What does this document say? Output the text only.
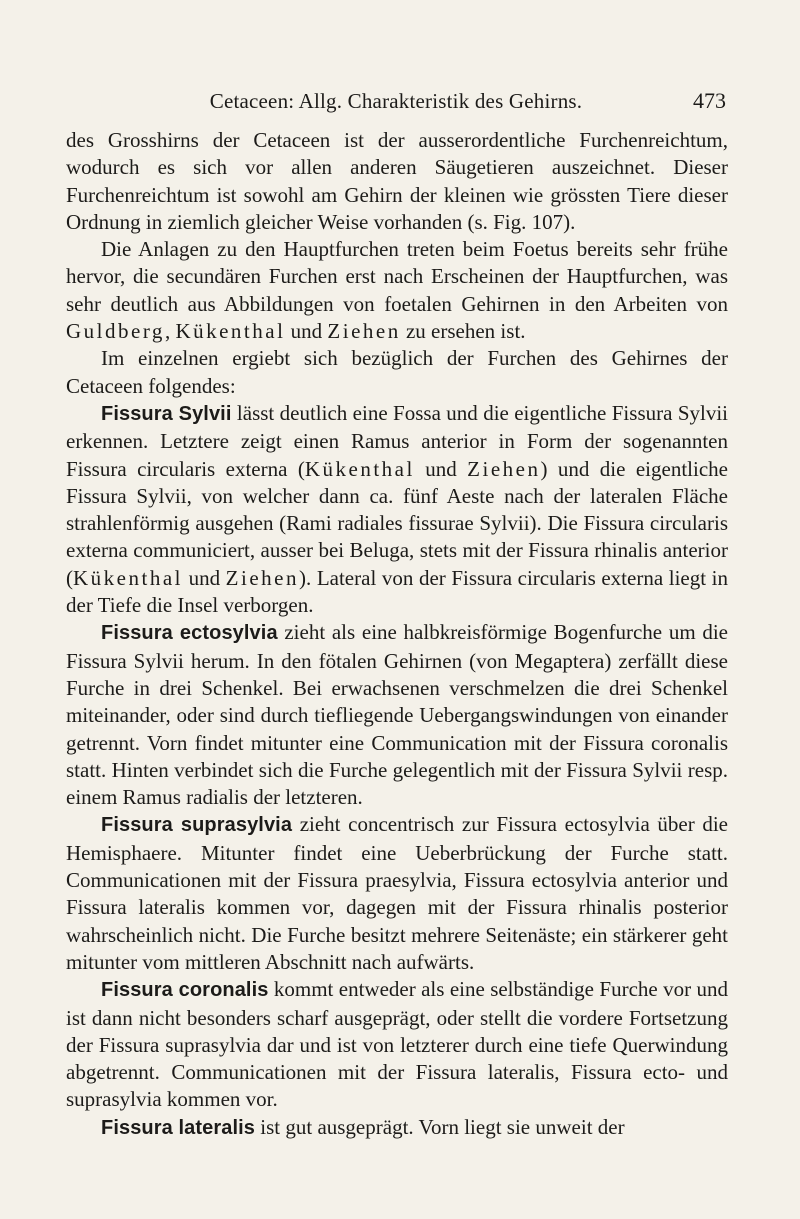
Cetaceen: Allg. Charakteristik des Gehirns.	473

des Grosshirns der Cetaceen ist der ausserordentliche Furchenreichtum, wodurch es sich vor allen anderen Säugetieren auszeichnet. Dieser Furchenreichtum ist sowohl am Gehirn der kleinen wie grössten Tiere dieser Ordnung in ziemlich gleicher Weise vorhanden (s. Fig. 107).

Die Anlagen zu den Hauptfurchen treten beim Foetus bereits sehr frühe hervor, die secundären Furchen erst nach Erscheinen der Hauptfurchen, was sehr deutlich aus Abbildungen von foetalen Gehirnen in den Arbeiten von Guldberg, Kükenthal und Ziehen zu ersehen ist.

Im einzelnen ergiebt sich bezüglich der Furchen des Gehirnes der Cetaceen folgendes:

Fissura Sylvii lässt deutlich eine Fossa und die eigentliche Fissura Sylvii erkennen. Letztere zeigt einen Ramus anterior in Form der sogenannten Fissura circularis externa (Kükenthal und Ziehen) und die eigentliche Fissura Sylvii, von welcher dann ca. fünf Aeste nach der lateralen Fläche strahlenförmig ausgehen (Rami radiales fissurae Sylvii). Die Fissura circularis externa communiciert, ausser bei Beluga, stets mit der Fissura rhinalis anterior (Kükenthal und Ziehen). Lateral von der Fissura circularis externa liegt in der Tiefe die Insel verborgen.

Fissura ectosylvia zieht als eine halbkreisförmige Bogenfurche um die Fissura Sylvii herum. In den fötalen Gehirnen (von Megaptera) zerfällt diese Furche in drei Schenkel. Bei erwachsenen verschmelzen die drei Schenkel miteinander, oder sind durch tiefliegende Uebergangswindungen von einander getrennt. Vorn findet mitunter eine Communication mit der Fissura coronalis statt. Hinten verbindet sich die Furche gelegentlich mit der Fissura Sylvii resp. einem Ramus radialis der letzteren.

Fissura suprasylvia zieht concentrisch zur Fissura ectosylvia über die Hemisphaere. Mitunter findet eine Ueberbrückung der Furche statt. Communicationen mit der Fissura praesylvia, Fissura ectosylvia anterior und Fissura lateralis kommen vor, dagegen mit der Fissura rhinalis posterior wahrscheinlich nicht. Die Furche besitzt mehrere Seitenäste; ein stärkerer geht mitunter vom mittleren Abschnitt nach aufwärts.

Fissura coronalis kommt entweder als eine selbständige Furche vor und ist dann nicht besonders scharf ausgeprägt, oder stellt die vordere Fortsetzung der Fissura suprasylvia dar und ist von letzterer durch eine tiefe Querwindung abgetrennt. Communicationen mit der Fissura lateralis, Fissura ecto- und suprasylvia kommen vor.

Fissura lateralis ist gut ausgeprägt. Vorn liegt sie unweit der
